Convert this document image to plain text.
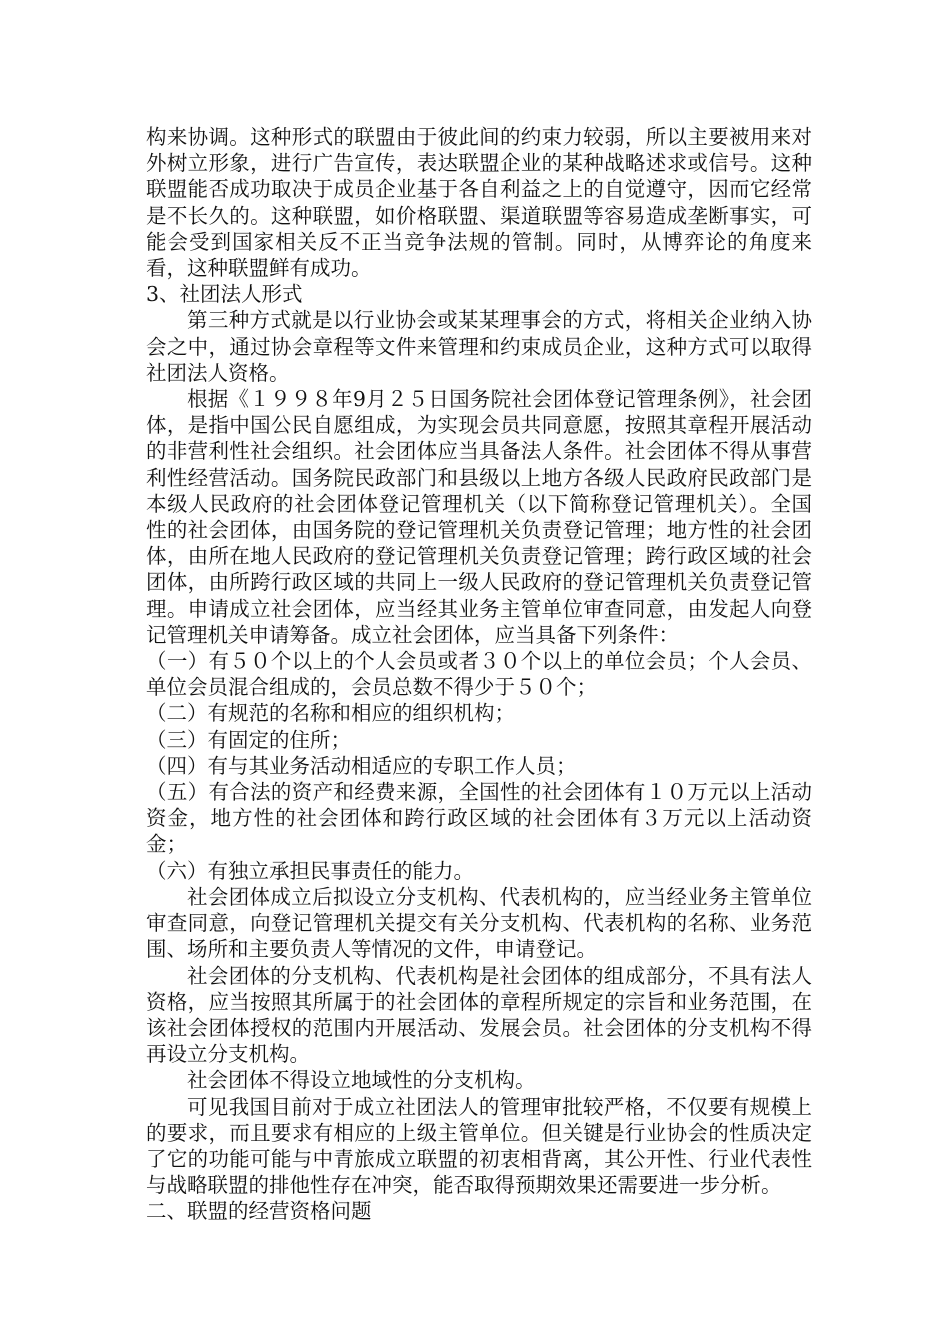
构来协调。这种形式的联盟由于彼此间的约束力较弱，所以主要被用来对外树立形象，进行广告宣传，表达联盟企业的某种战略述求或信号。这种联盟能否成功取决于成员企业基于各自利益之上的自觉遵守，因而它经常是不长久的。这种联盟，如价格联盟、渠道联盟等容易造成垄断事实，可能会受到国家相关反不正当竞争法规的管制。同时，从博弈论的角度来看，这种联盟鲜有成功。

3、社团法人形式

第三种方式就是以行业协会或某某理事会的方式，将相关企业纳入协会之中，通过协会章程等文件来管理和约束成员企业，这种方式可以取得社团法人资格。

根据《１９９８年9月２５日国务院社会团体登记管理条例》，社会团体，是指中国公民自愿组成，为实现会员共同意愿，按照其章程开展活动的非营利性社会组织。社会团体应当具备法人条件。社会团体不得从事营利性经营活动。国务院民政部门和县级以上地方各级人民政府民政部门是本级人民政府的社会团体登记管理机关（以下简称登记管理机关）。全国性的社会团体，由国务院的登记管理机关负责登记管理；地方性的社会团体，由所在地人民政府的登记管理机关负责登记管理；跨行政区域的社会团体，由所跨行政区域的共同上一级人民政府的登记管理机关负责登记管理。申请成立社会团体，应当经其业务主管单位审查同意，由发起人向登记管理机关申请筹备。成立社会团体，应当具备下列条件：

（一）有５０个以上的个人会员或者３０个以上的单位会员；个人会员、单位会员混合组成的，会员总数不得少于５０个；

（二）有规范的名称和相应的组织机构；

（三）有固定的住所；

（四）有与其业务活动相适应的专职工作人员；

（五）有合法的资产和经费来源，全国性的社会团体有１０万元以上活动资金，地方性的社会团体和跨行政区域的社会团体有３万元以上活动资金；

（六）有独立承担民事责任的能力。

社会团体成立后拟设立分支机构、代表机构的，应当经业务主管单位审查同意，向登记管理机关提交有关分支机构、代表机构的名称、业务范围、场所和主要负责人等情况的文件，申请登记。

社会团体的分支机构、代表机构是社会团体的组成部分，不具有法人资格，应当按照其所属于的社会团体的章程所规定的宗旨和业务范围，在该社会团体授权的范围内开展活动、发展会员。社会团体的分支机构不得再设立分支机构。

社会团体不得设立地域性的分支机构。

可见我国目前对于成立社团法人的管理审批较严格，不仅要有规模上的要求，而且要求有相应的上级主管单位。但关键是行业协会的性质决定了它的功能可能与中青旅成立联盟的初衷相背离，其公开性、行业代表性与战略联盟的排他性存在冲突，能否取得预期效果还需要进一步分析。

二、联盟的经营资格问题
